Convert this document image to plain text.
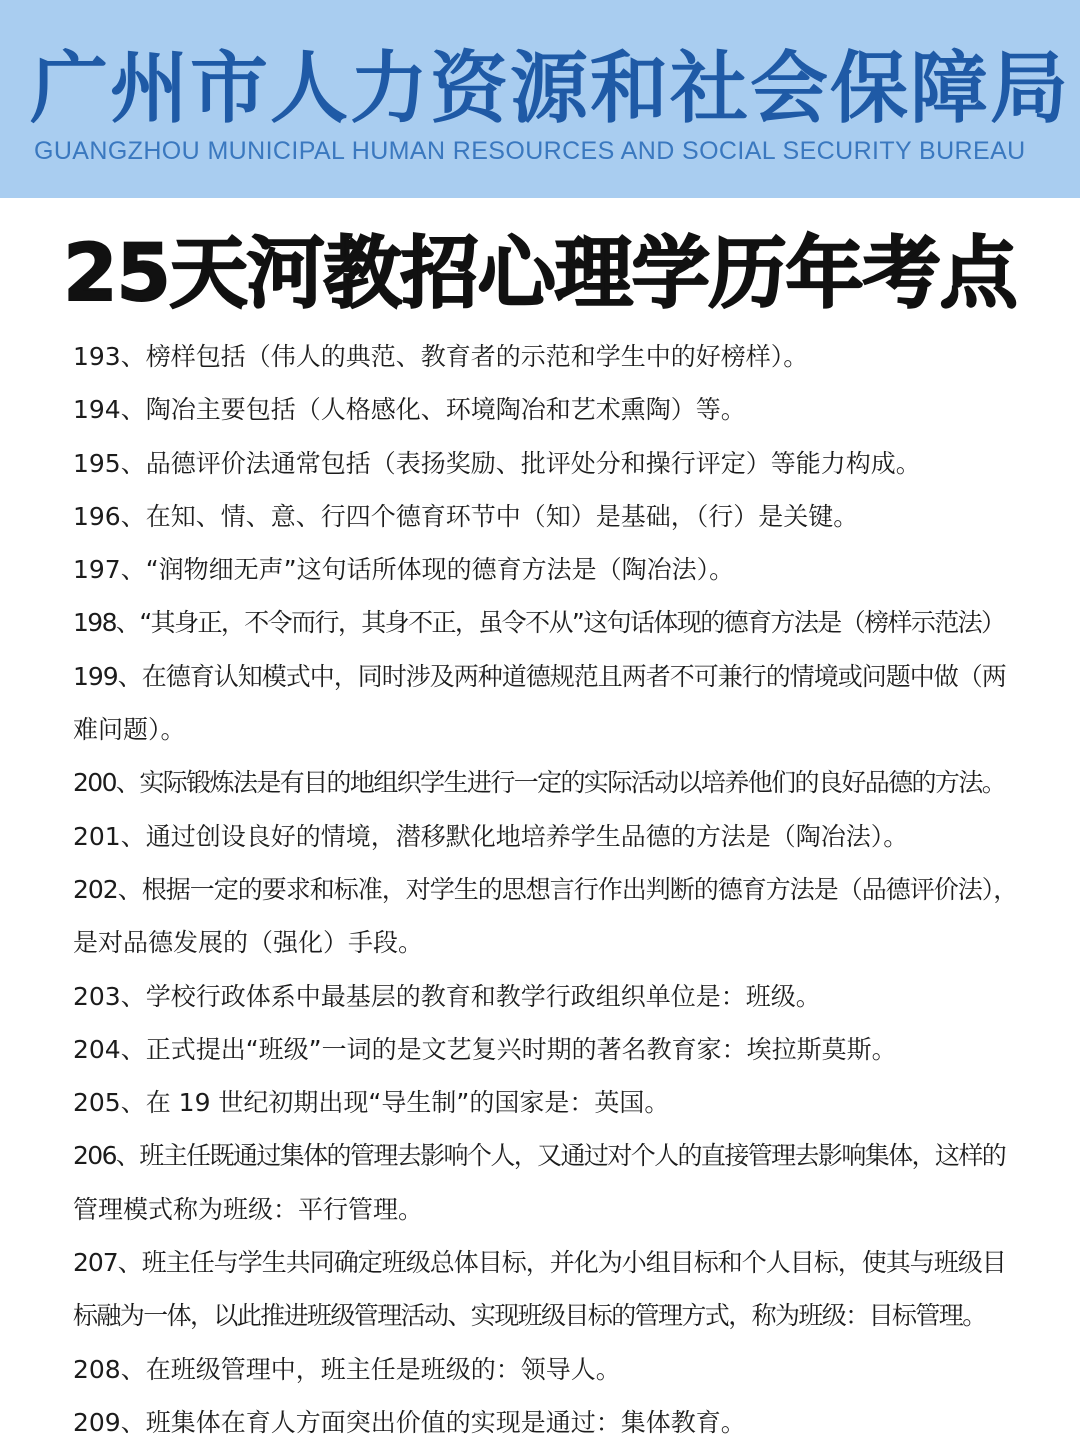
广州市人力资源和社会保障局
GUANGZHOU MUNICIPAL HUMAN RESOURCES AND SOCIAL SECURITY BUREAU
25天河教招心理学历年考点
193、榜样包括（伟人的典范、教育者的示范和学生中的好榜样）。
194、陶冶主要包括（人格感化、环境陶冶和艺术熏陶）等。
195、品德评价法通常包括（表扬奖励、批评处分和操行评定）等能力构成。
196、在知、情、意、行四个德育环节中（知）是基础，（行）是关键。
197、“润物细无声”这句话所体现的德育方法是（陶冶法）。
198、“其身正，不令而行，其身不正，虽令不从”这句话体现的德育方法是（榜样示范法）
199、在德育认知模式中，同时涉及两种道德规范且两者不可兼行的情境或问题中做（两
难问题）。
200、实际锻炼法是有目的地组织学生进行一定的实际活动以培养他们的良好品德的方法。
201、通过创设良好的情境，潜移默化地培养学生品德的方法是（陶冶法）。
202、根据一定的要求和标准，对学生的思想言行作出判断的德育方法是（品德评价法），
是对品德发展的（强化）手段。
203、学校行政体系中最基层的教育和教学行政组织单位是：班级。
204、正式提出“班级”一词的是文艺复兴时期的著名教育家：埃拉斯莫斯。
205、在 19 世纪初期出现“导生制”的国家是：英国。
206、班主任既通过集体的管理去影响个人，又通过对个人的直接管理去影响集体，这样的
管理模式称为班级：平行管理。
207、班主任与学生共同确定班级总体目标，并化为小组目标和个人目标，使其与班级目
标融为一体，以此推进班级管理活动、实现班级目标的管理方式，称为班级：目标管理。
208、在班级管理中，班主任是班级的：领导人。
209、班集体在育人方面突出价值的实现是通过：集体教育。
